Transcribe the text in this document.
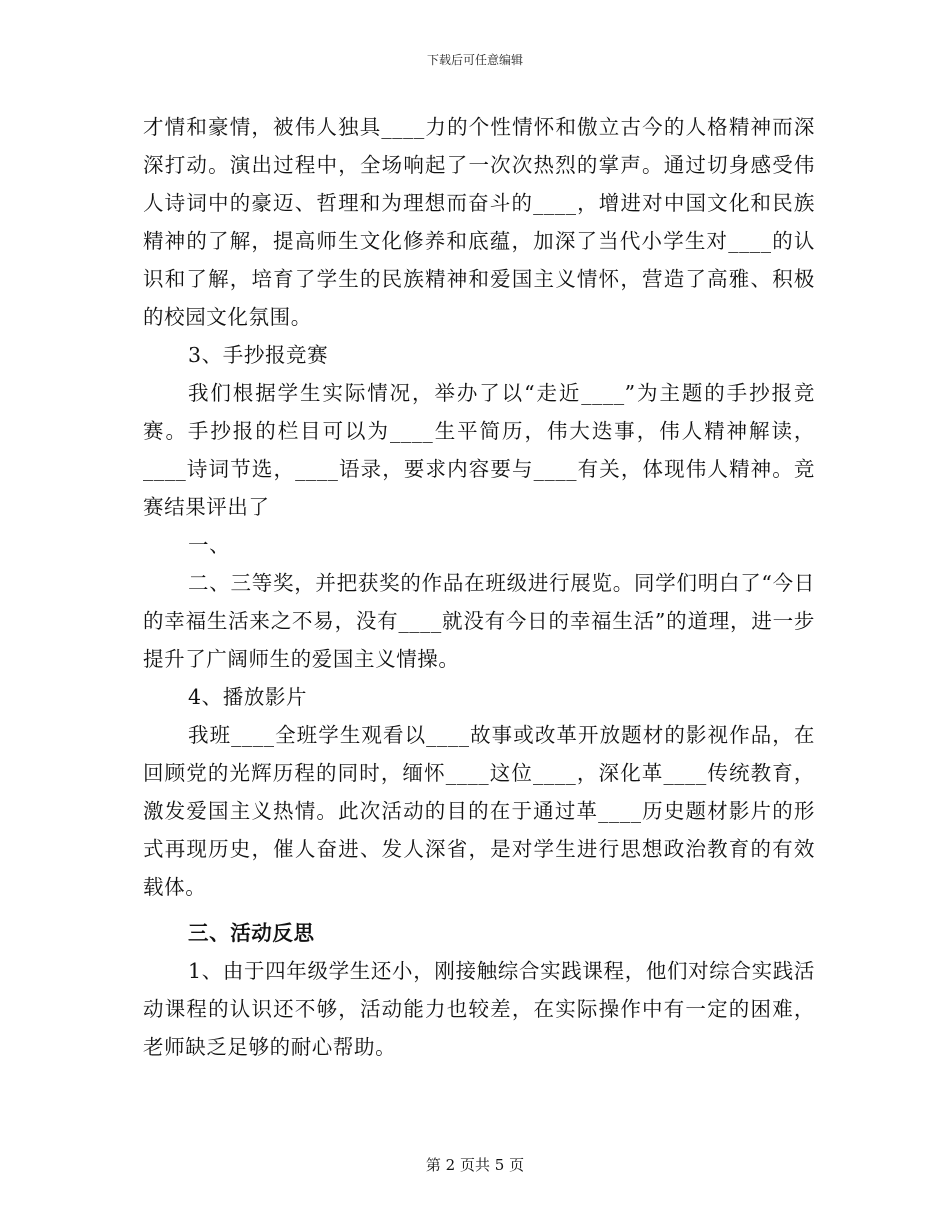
下载后可任意编辑

才情和豪情，被伟人独具____力的个性情怀和傲立古今的人格精神而深深打动。演出过程中，全场响起了一次次热烈的掌声。通过切身感受伟人诗词中的豪迈、哲理和为理想而奋斗的____，增进对中国文化和民族精神的了解，提高师生文化修养和底蕴，加深了当代小学生对____的认识和了解，培育了学生的民族精神和爱国主义情怀，营造了高雅、积极的校园文化氛围。

3、手抄报竞赛

我们根据学生实际情况，举办了以“走近____”为主题的手抄报竞赛。手抄报的栏目可以为____生平简历，伟大迭事，伟人精神解读，____诗词节选，____语录，要求内容要与____有关，体现伟人精神。竞赛结果评出了

一、

二、三等奖，并把获奖的作品在班级进行展览。同学们明白了“今日的幸福生活来之不易，没有____就没有今日的幸福生活”的道理，进一步提升了广阔师生的爱国主义情操。

4、播放影片

我班____全班学生观看以____故事或改革开放题材的影视作品，在回顾党的光辉历程的同时，缅怀____这位____，深化革____传统教育，激发爱国主义热情。此次活动的目的在于通过革____历史题材影片的形式再现历史，催人奋进、发人深省，是对学生进行思想政治教育的有效载体。

三、活动反思

1、由于四年级学生还小，刚接触综合实践课程，他们对综合实践活动课程的认识还不够，活动能力也较差，在实际操作中有一定的困难，老师缺乏足够的耐心帮助。

第 2 页共 5 页
